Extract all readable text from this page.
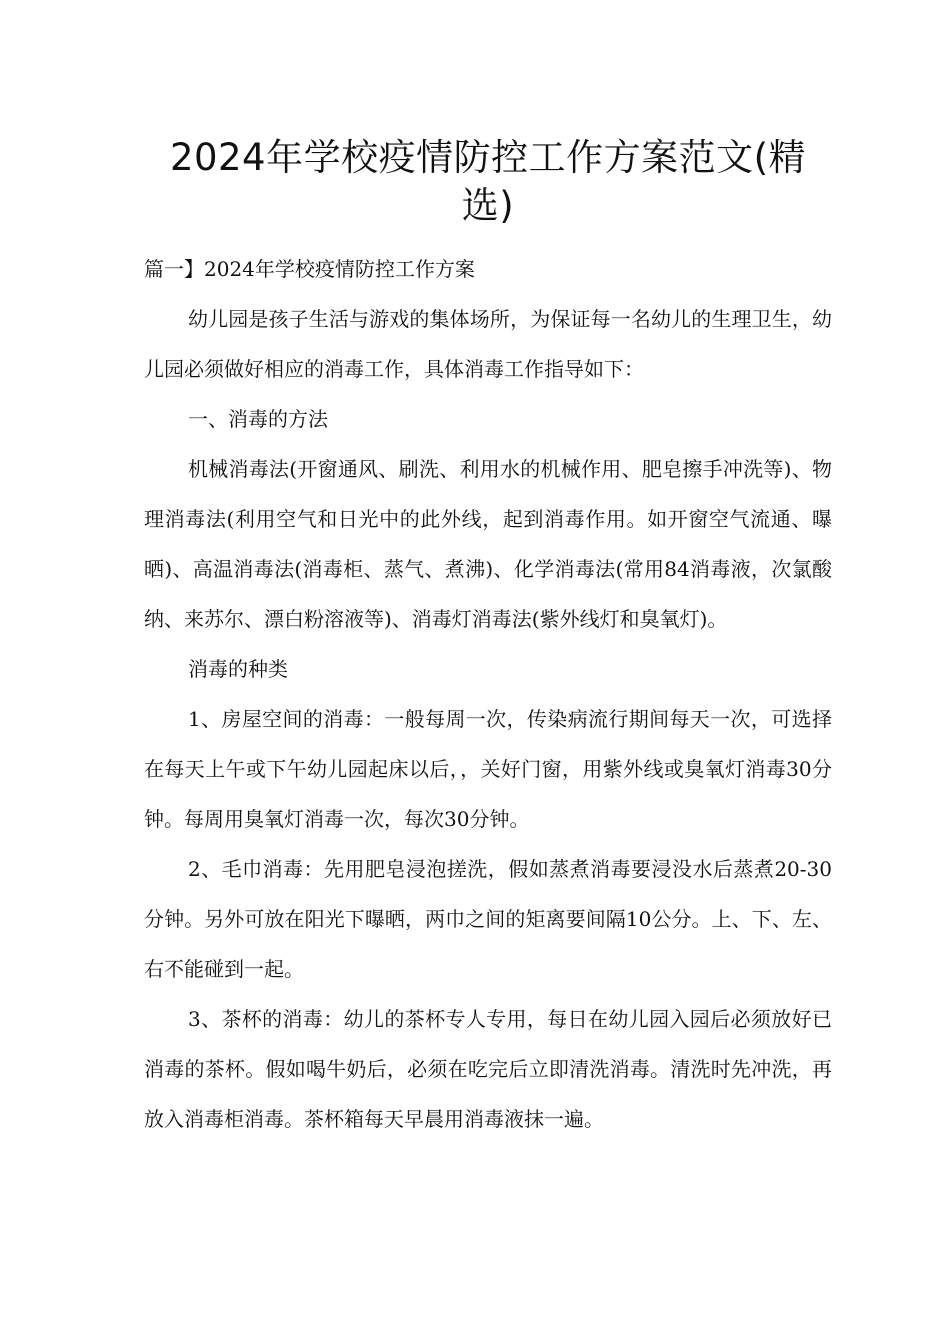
2024年学校疫情防控工作方案范文(精选)
篇一】2024年学校疫情防控工作方案

幼儿园是孩子生活与游戏的集体场所，为保证每一名幼儿的生理卫生，幼儿园必须做好相应的消毒工作，具体消毒工作指导如下：

一、消毒的方法

机械消毒法(开窗通风、刷洗、利用水的机械作用、肥皂擦手冲洗等)、物理消毒法(利用空气和日光中的此外线，起到消毒作用。如开窗空气流通、曝晒)、高温消毒法(消毒柜、蒸气、煮沸)、化学消毒法(常用84消毒液，次氯酸纳、来苏尔、漂白粉溶液等)、消毒灯消毒法(紫外线灯和臭氧灯)。

消毒的种类

1、房屋空间的消毒：一般每周一次，传染病流行期间每天一次，可选择在每天上午或下午幼儿园起床以后，，关好门窗，用紫外线或臭氧灯消毒30分钟。每周用臭氧灯消毒一次，每次30分钟。

2、毛巾消毒：先用肥皂浸泡搓洗，假如蒸煮消毒要浸没水后蒸煮20-30分钟。另外可放在阳光下曝晒，两巾之间的矩离要间隔10公分。上、下、左、右不能碰到一起。

3、茶杯的消毒：幼儿的茶杯专人专用，每日在幼儿园入园后必须放好已消毒的茶杯。假如喝牛奶后，必须在吃完后立即清洗消毒。清洗时先冲洗，再放入消毒柜消毒。茶杯箱每天早晨用消毒液抹一遍。
